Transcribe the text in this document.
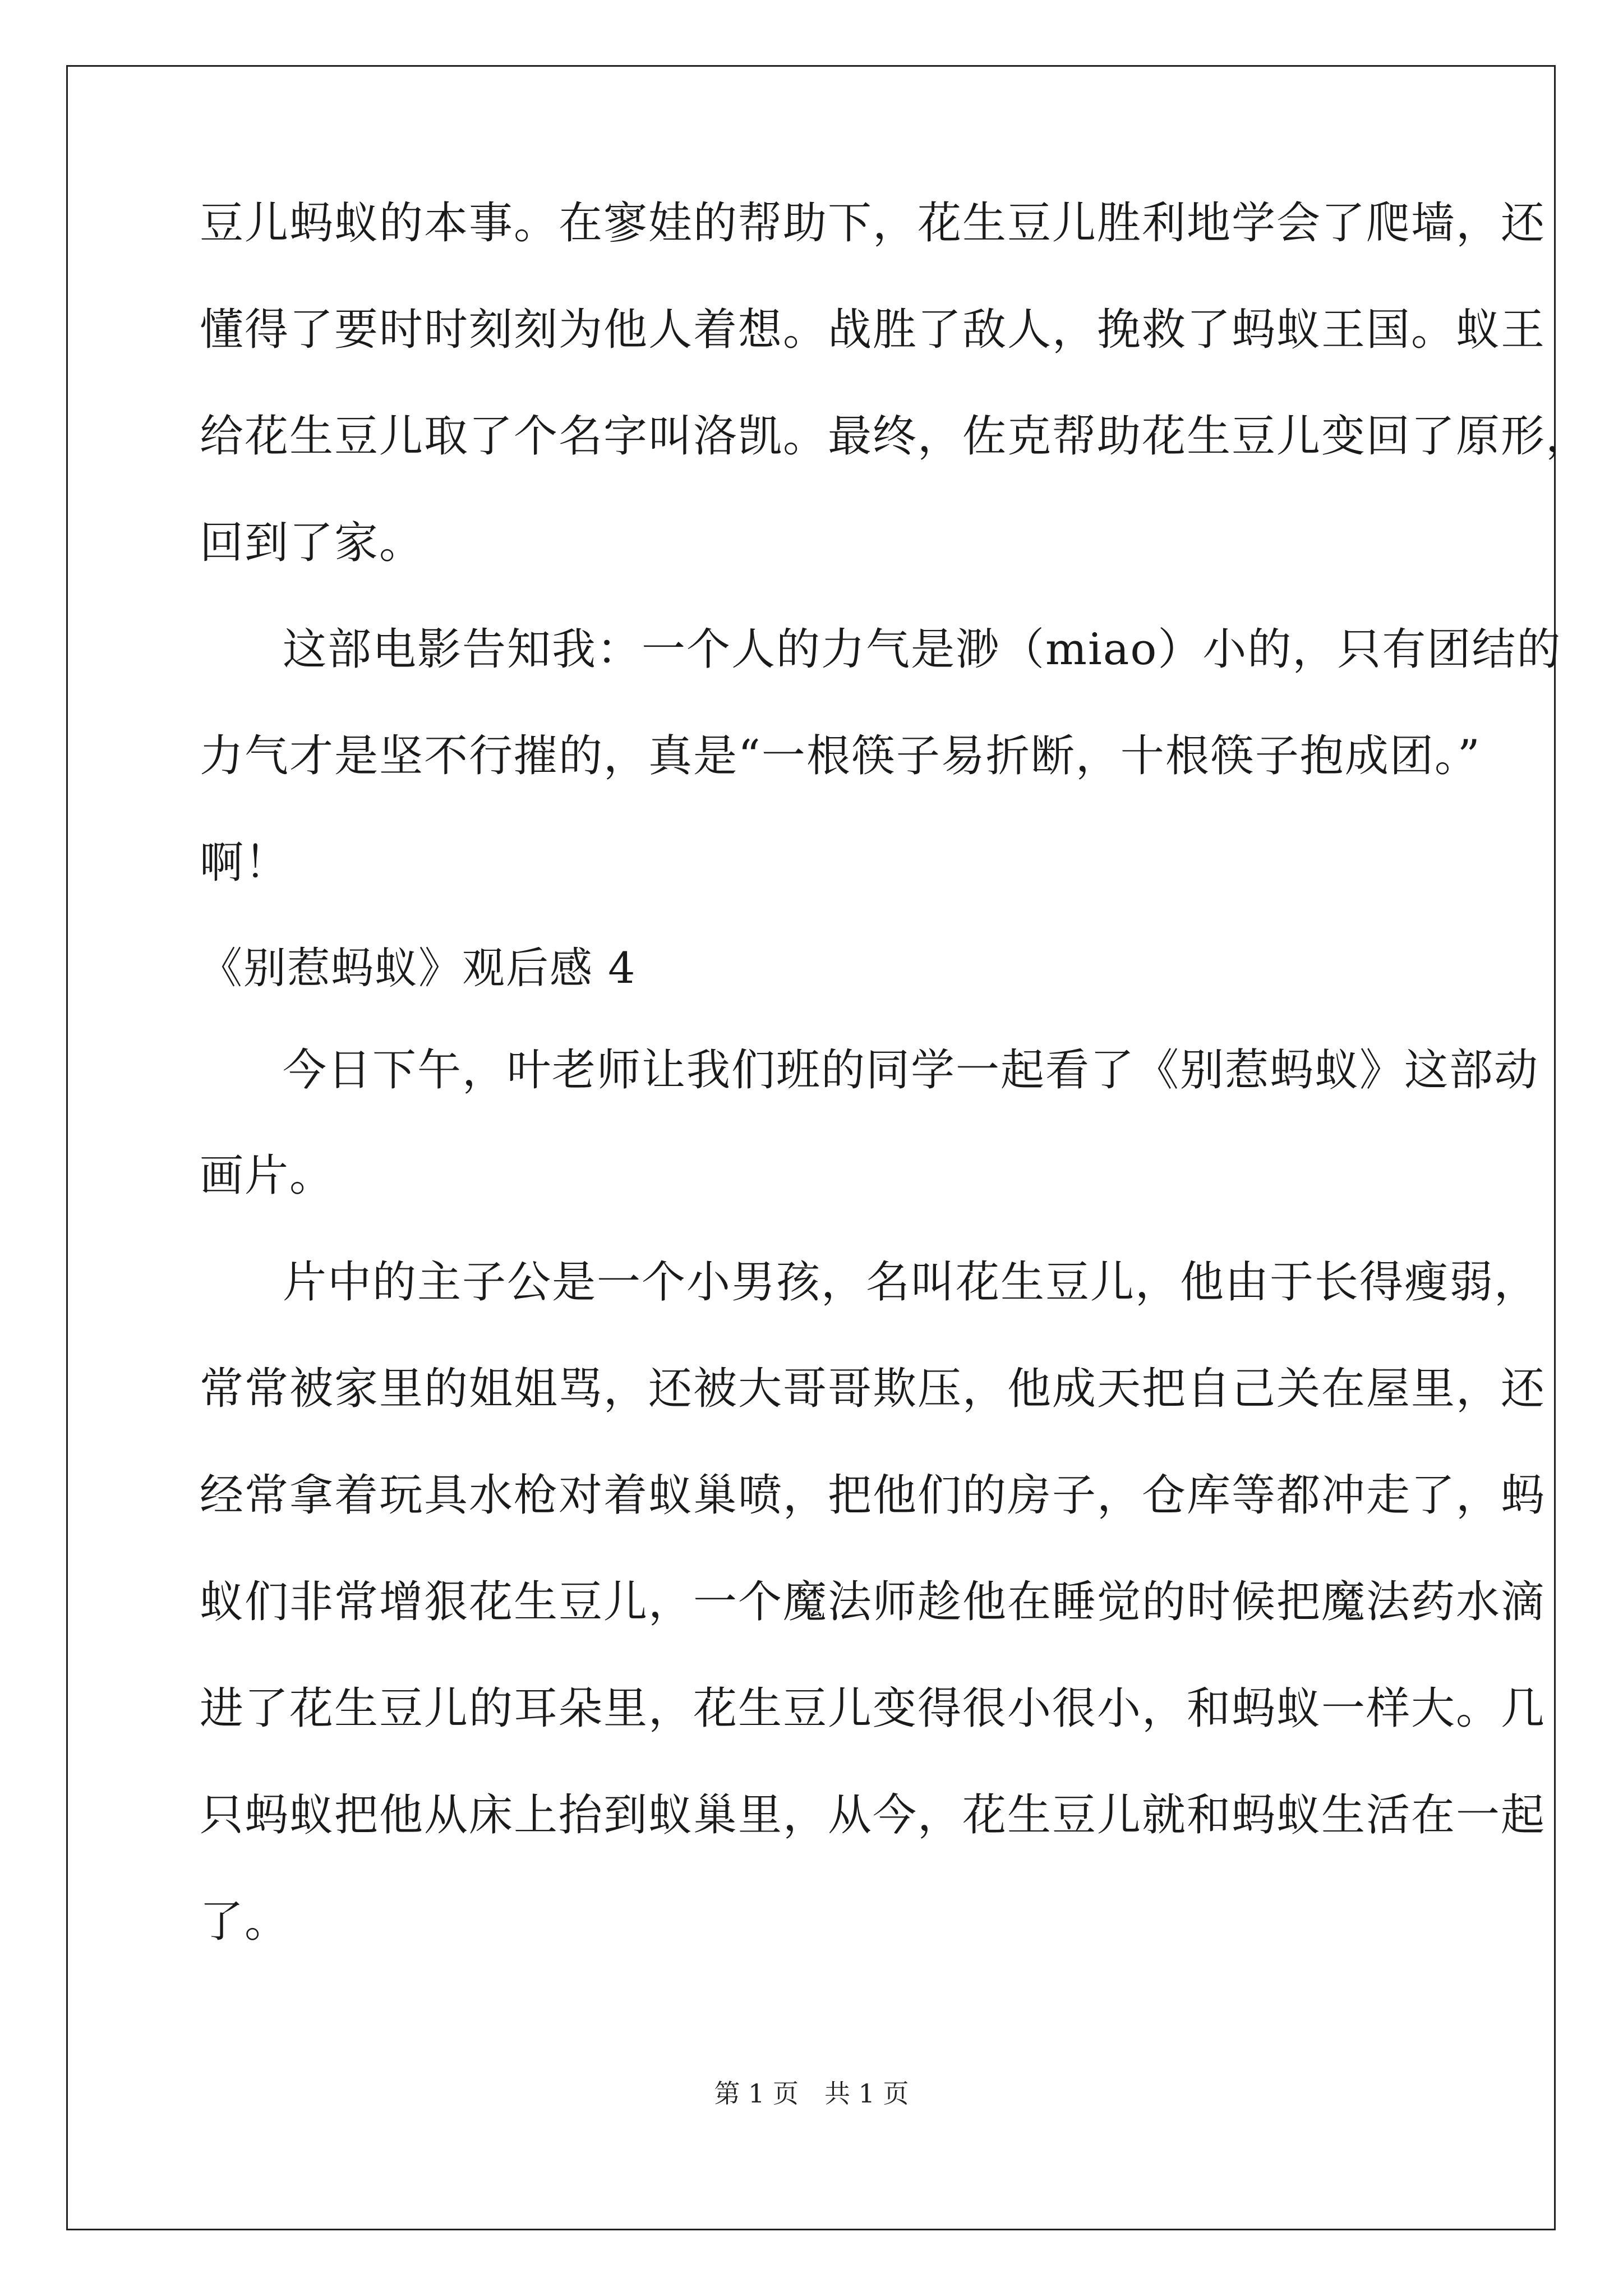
豆儿蚂蚁的本事。在寥娃的帮助下，花生豆儿胜利地学会了爬墙，还
懂得了要时时刻刻为他人着想。战胜了敌人，挽救了蚂蚁王国。蚁王
给花生豆儿取了个名字叫洛凯。最终，佐克帮助花生豆儿变回了原形，
回到了家。
这部电影告知我：一个人的力气是渺（miao）小的，只有团结的
力气才是坚不行摧的，真是“一根筷子易折断，十根筷子抱成团。”
啊！
《别惹蚂蚁》观后感 4
今日下午，叶老师让我们班的同学一起看了《别惹蚂蚁》这部动
画片。
片中的主子公是一个小男孩，名叫花生豆儿，他由于长得瘦弱，
常常被家里的姐姐骂，还被大哥哥欺压，他成天把自己关在屋里，还
经常拿着玩具水枪对着蚁巢喷，把他们的房子，仓库等都冲走了，蚂
蚁们非常增狠花生豆儿，一个魔法师趁他在睡觉的时候把魔法药水滴
进了花生豆儿的耳朵里，花生豆儿变得很小很小，和蚂蚁一样大。几
只蚂蚁把他从床上抬到蚁巢里，从今，花生豆儿就和蚂蚁生活在一起
了。
第 1 页　共 1 页
